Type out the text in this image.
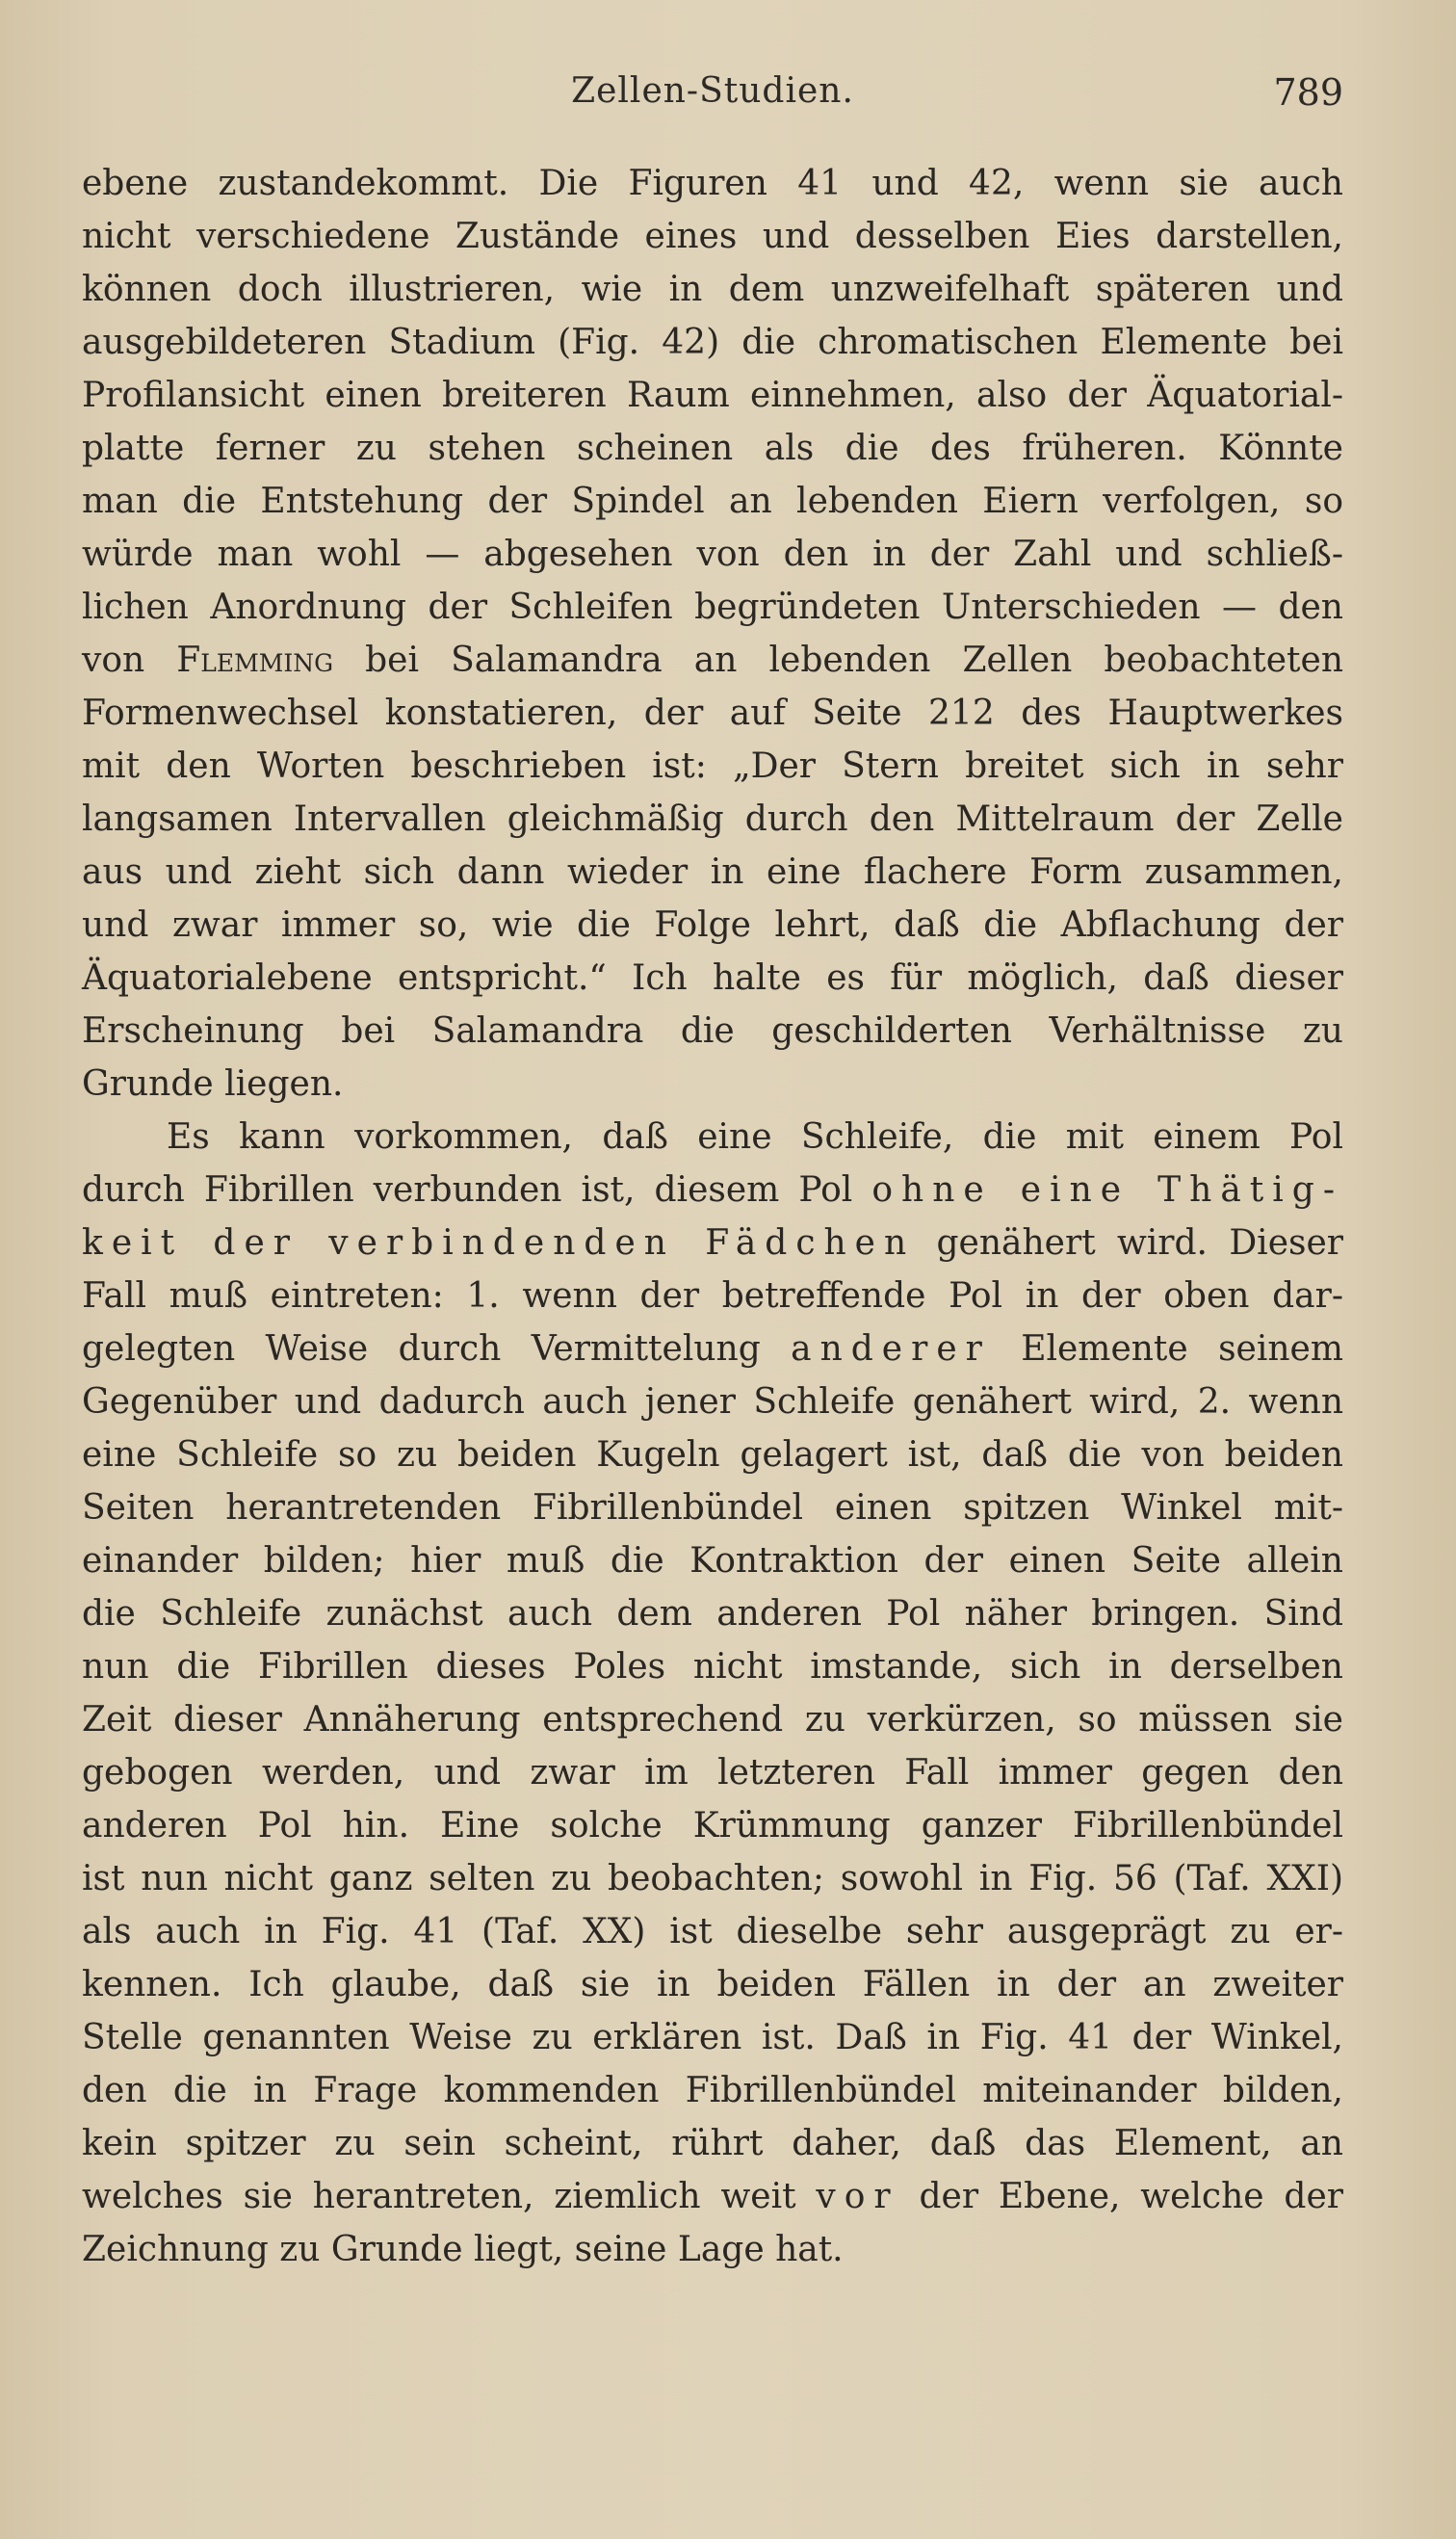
Zellen-Studien.	789
ebene zustandekommt. Die Figuren 41 und 42, wenn sie auch
nicht verschiedene Zustände eines und desselben Eies darstellen,
können doch illustrieren, wie in dem unzweifelhaft späteren und
ausgebildeteren Stadium (Fig. 42) die chromatischen Elemente bei
Profilansicht einen breiteren Raum einnehmen, also der Äquatorial-
platte ferner zu stehen scheinen als die des früheren. Könnte
man die Entstehung der Spindel an lebenden Eiern verfolgen, so
würde man wohl — abgesehen von den in der Zahl und schließ-
lichen Anordnung der Schleifen begründeten Unterschieden — den
von Flemming bei Salamandra an lebenden Zellen beobachteten
Formenwechsel konstatieren, der auf Seite 212 des Hauptwerkes
mit den Worten beschrieben ist: „Der Stern breitet sich in sehr
langsamen Intervallen gleichmäßig durch den Mittelraum der Zelle
aus und zieht sich dann wieder in eine flachere Form zusammen,
und zwar immer so, wie die Folge lehrt, daß die Abflachung der
Äquatorialebene entspricht.“ Ich halte es für möglich, daß dieser
Erscheinung bei Salamandra die geschilderten Verhältnisse zu
Grunde liegen.
Es kann vorkommen, daß eine Schleife, die mit einem Pol
durch Fibrillen verbunden ist, diesem Pol ohne eine Thätig-
keit der verbindenden Fädchen genähert wird. Dieser
Fall muß eintreten: 1. wenn der betreffende Pol in der oben dar-
gelegten Weise durch Vermittelung anderer Elemente seinem
Gegenüber und dadurch auch jener Schleife genähert wird, 2. wenn
eine Schleife so zu beiden Kugeln gelagert ist, daß die von beiden
Seiten herantretenden Fibrillenbündel einen spitzen Winkel mit-
einander bilden; hier muß die Kontraktion der einen Seite allein
die Schleife zunächst auch dem anderen Pol näher bringen. Sind
nun die Fibrillen dieses Poles nicht imstande, sich in derselben
Zeit dieser Annäherung entsprechend zu verkürzen, so müssen sie
gebogen werden, und zwar im letzteren Fall immer gegen den
anderen Pol hin. Eine solche Krümmung ganzer Fibrillenbündel
ist nun nicht ganz selten zu beobachten; sowohl in Fig. 56 (Taf. XXI)
als auch in Fig. 41 (Taf. XX) ist dieselbe sehr ausgeprägt zu er-
kennen. Ich glaube, daß sie in beiden Fällen in der an zweiter
Stelle genannten Weise zu erklären ist. Daß in Fig. 41 der Winkel,
den die in Frage kommenden Fibrillenbündel miteinander bilden,
kein spitzer zu sein scheint, rührt daher, daß das Element, an
welches sie herantreten, ziemlich weit vor der Ebene, welche der
Zeichnung zu Grunde liegt, seine Lage hat.
